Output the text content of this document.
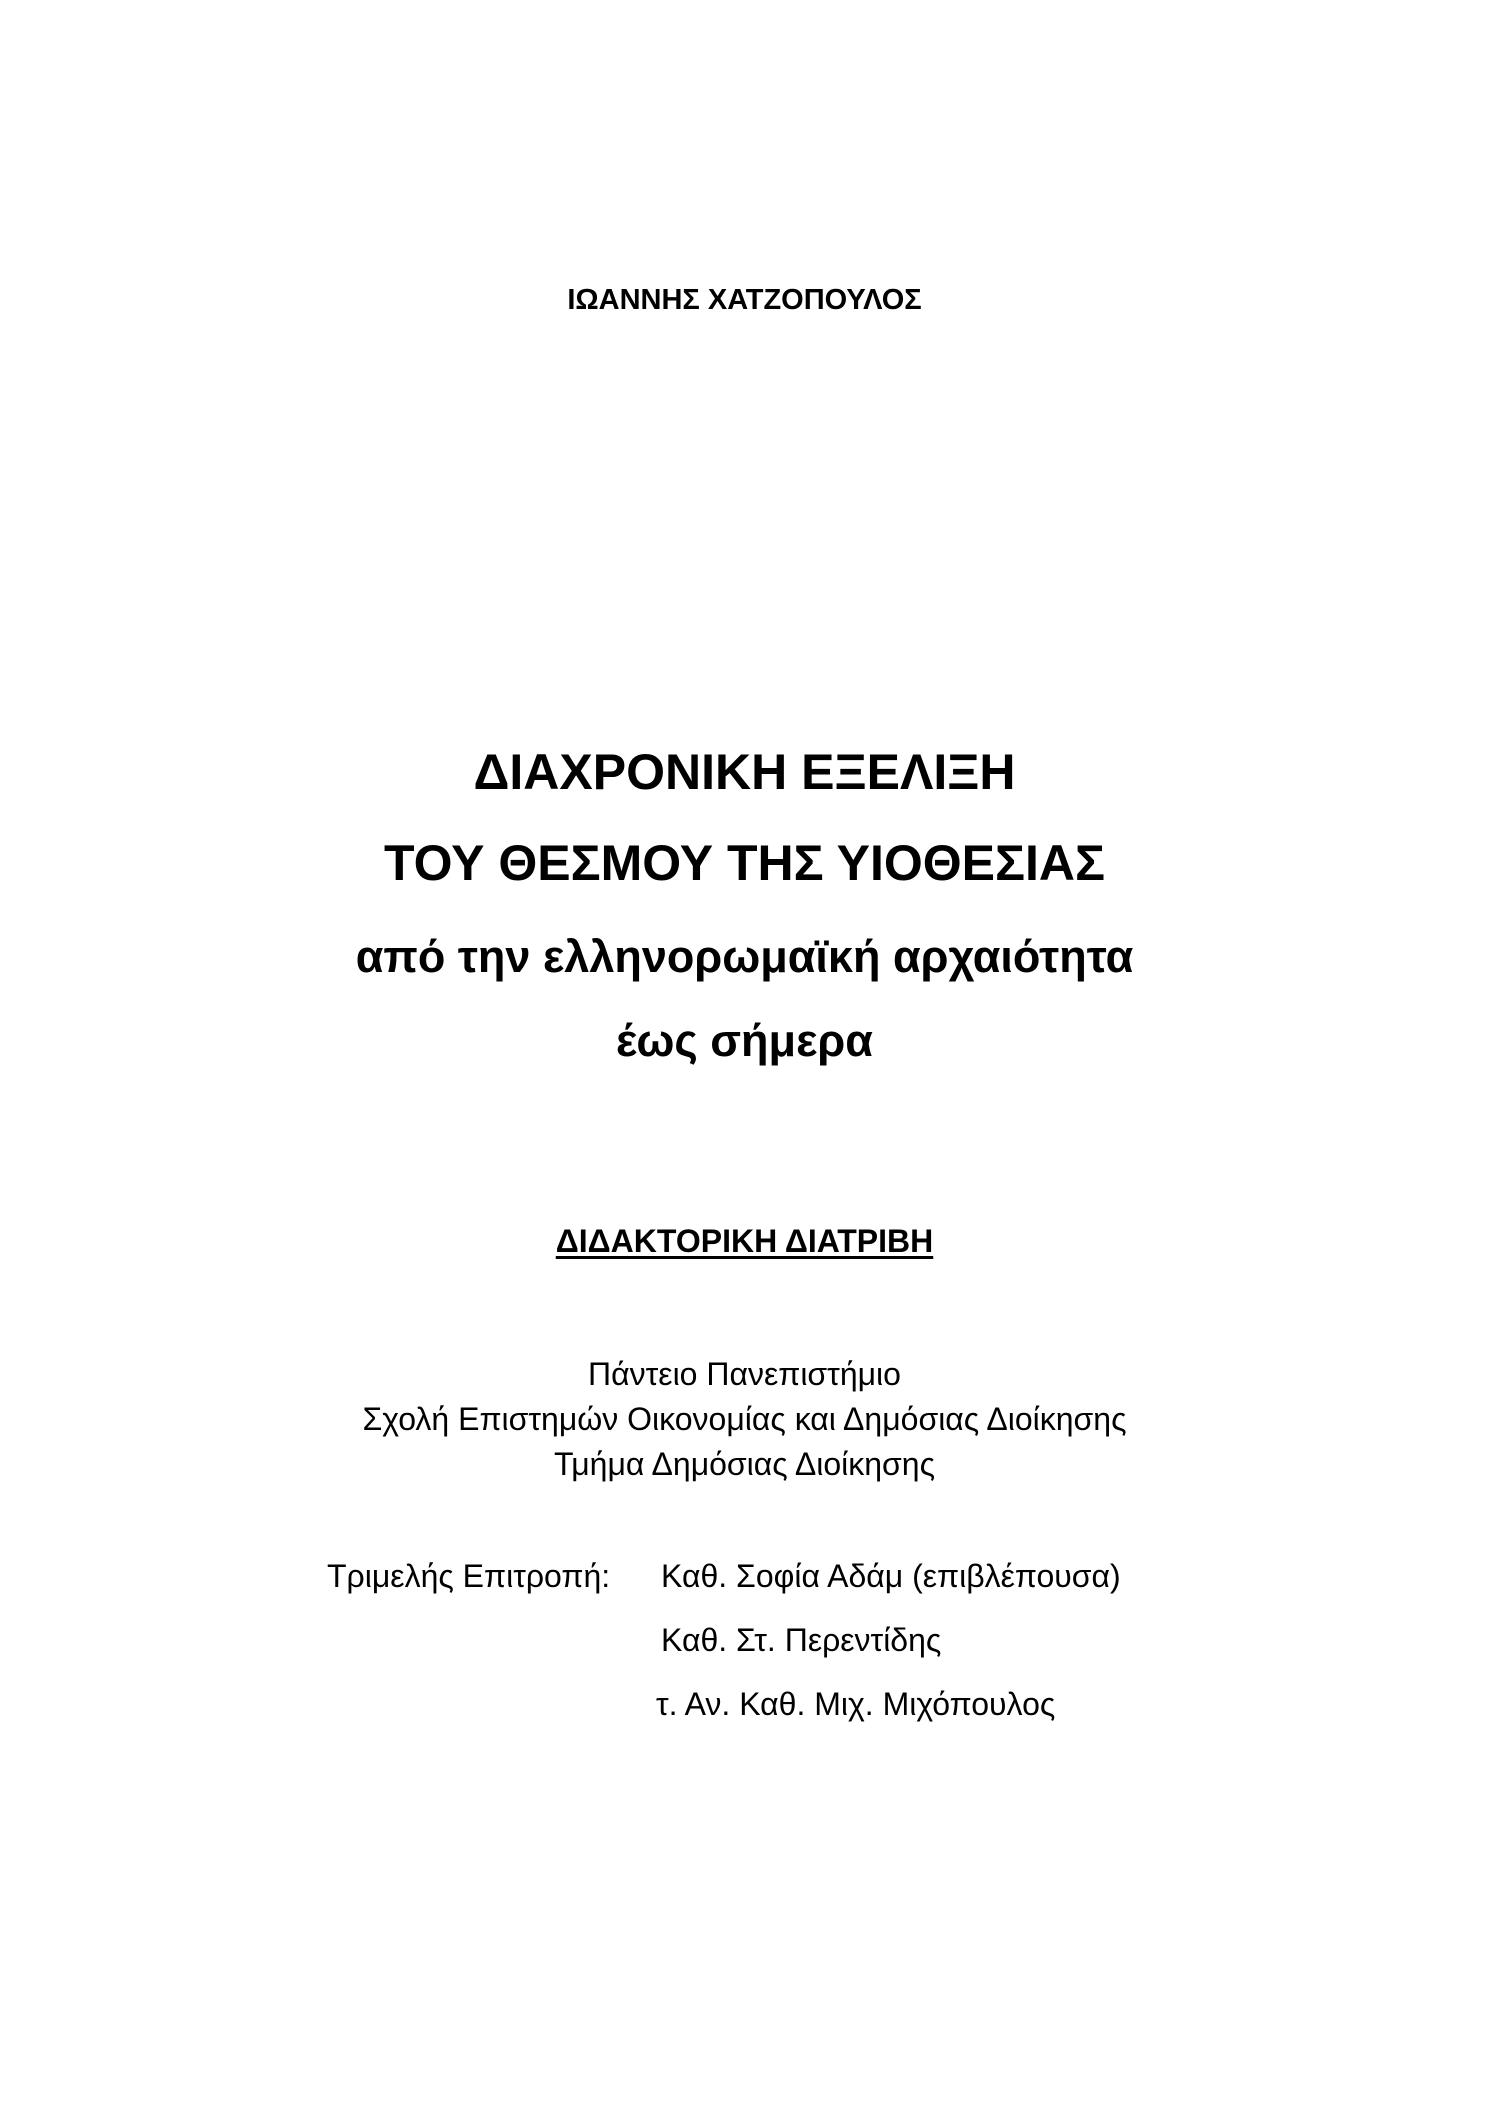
ΙΩΑΝΝΗΣ ΧΑΤΖΟΠΟΥΛΟΣ
ΔΙΑΧΡΟΝΙΚΗ ΕΞΕΛΙΞΗ
ΤΟΥ ΘΕΣΜΟΥ ΤΗΣ ΥΙΟΘΕΣΙΑΣ
από την ελληνορωμαϊκή αρχαιότητα
έως σήμερα
ΔΙΔΑΚΤΟΡΙΚΗ ΔΙΑΤΡΙΒΗ
Πάντειο Πανεπιστήμιο
Σχολή Επιστημών Οικονομίας και Δημόσιας Διοίκησης
Τμήμα Δημόσιας Διοίκησης
Τριμελής Επιτροπή: Καθ. Σοφία Αδάμ (επιβλέπουσα)
Καθ. Στ. Περεντίδης
τ. Αν. Καθ. Μιχ. Μιχόπουλος
